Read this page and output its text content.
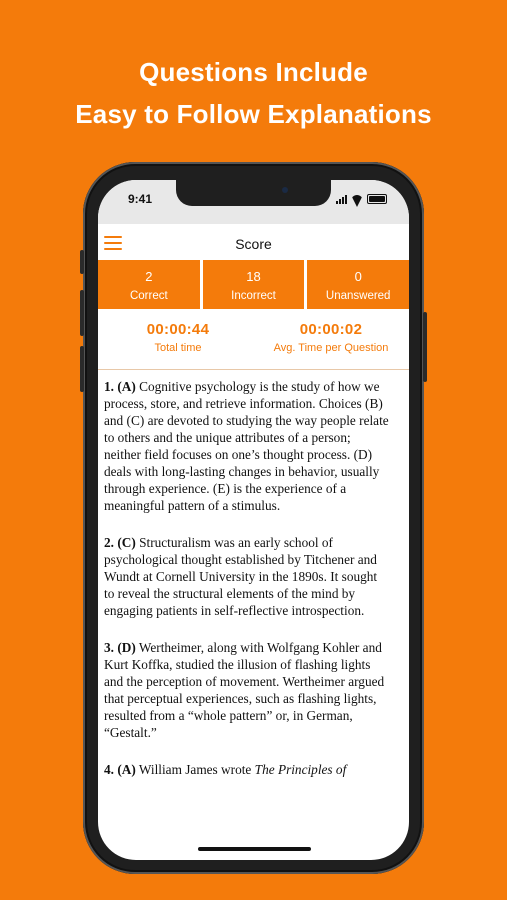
Questions Include
Easy to Follow Explanations
9:41
Score
2
Correct
18
Incorrect
0
Unanswered
00:00:44
Total time
00:00:02
Avg. Time per Question

1. (A) Cognitive psychology is the study of how we process, store, and retrieve information. Choices (B) and (C) are devoted to studying the way people relate to others and the unique attributes of a person; neither field focuses on one’s thought process. (D) deals with long-lasting changes in behavior, usually through experience. (E) is the experience of a meaningful pattern of a stimulus.

2. (C) Structuralism was an early school of psychological thought established by Titchener and Wundt at Cornell University in the 1890s. It sought to reveal the structural elements of the mind by engaging patients in self-reflective introspection.

3. (D) Wertheimer, along with Wolfgang Kohler and Kurt Koffka, studied the illusion of flashing lights and the perception of movement. Wertheimer argued that perceptual experiences, such as flashing lights, resulted from a “whole pattern” or, in German, “Gestalt.”

4. (A) William James wrote The Principles of
